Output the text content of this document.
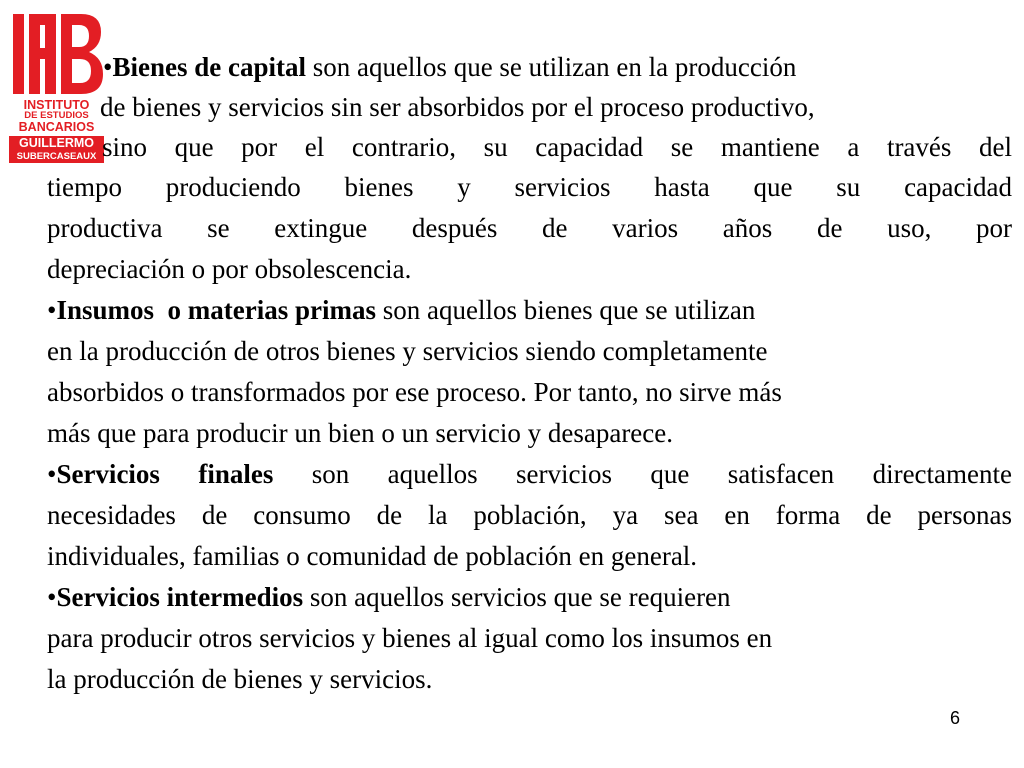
INSTITUTO
DE ESTUDIOS
BANCARIOS
GUILLERMO
SUBERCASEAUX
•Bienes de capital son aquellos que se utilizan en la producción
de bienes y servicios sin ser absorbidos por el proceso productivo,
sino que por el contrario, su capacidad se mantiene a través del
tiempo produciendo bienes y servicios hasta que su capacidad
productiva se extingue después de varios años de uso, por
depreciación o por obsolescencia.
•Insumos  o materias primas son aquellos bienes que se utilizan
en la producción de otros bienes y servicios siendo completamente
absorbidos o transformados por ese proceso. Por tanto, no sirve más
más que para producir un bien o un servicio y desaparece.
•Servicios finales son aquellos servicios que satisfacen directamente
necesidades de consumo de la población, ya sea en forma de personas
individuales, familias o comunidad de población en general.
•Servicios intermedios son aquellos servicios que se requieren
para producir otros servicios y bienes al igual como los insumos en
la producción de bienes y servicios.
6
